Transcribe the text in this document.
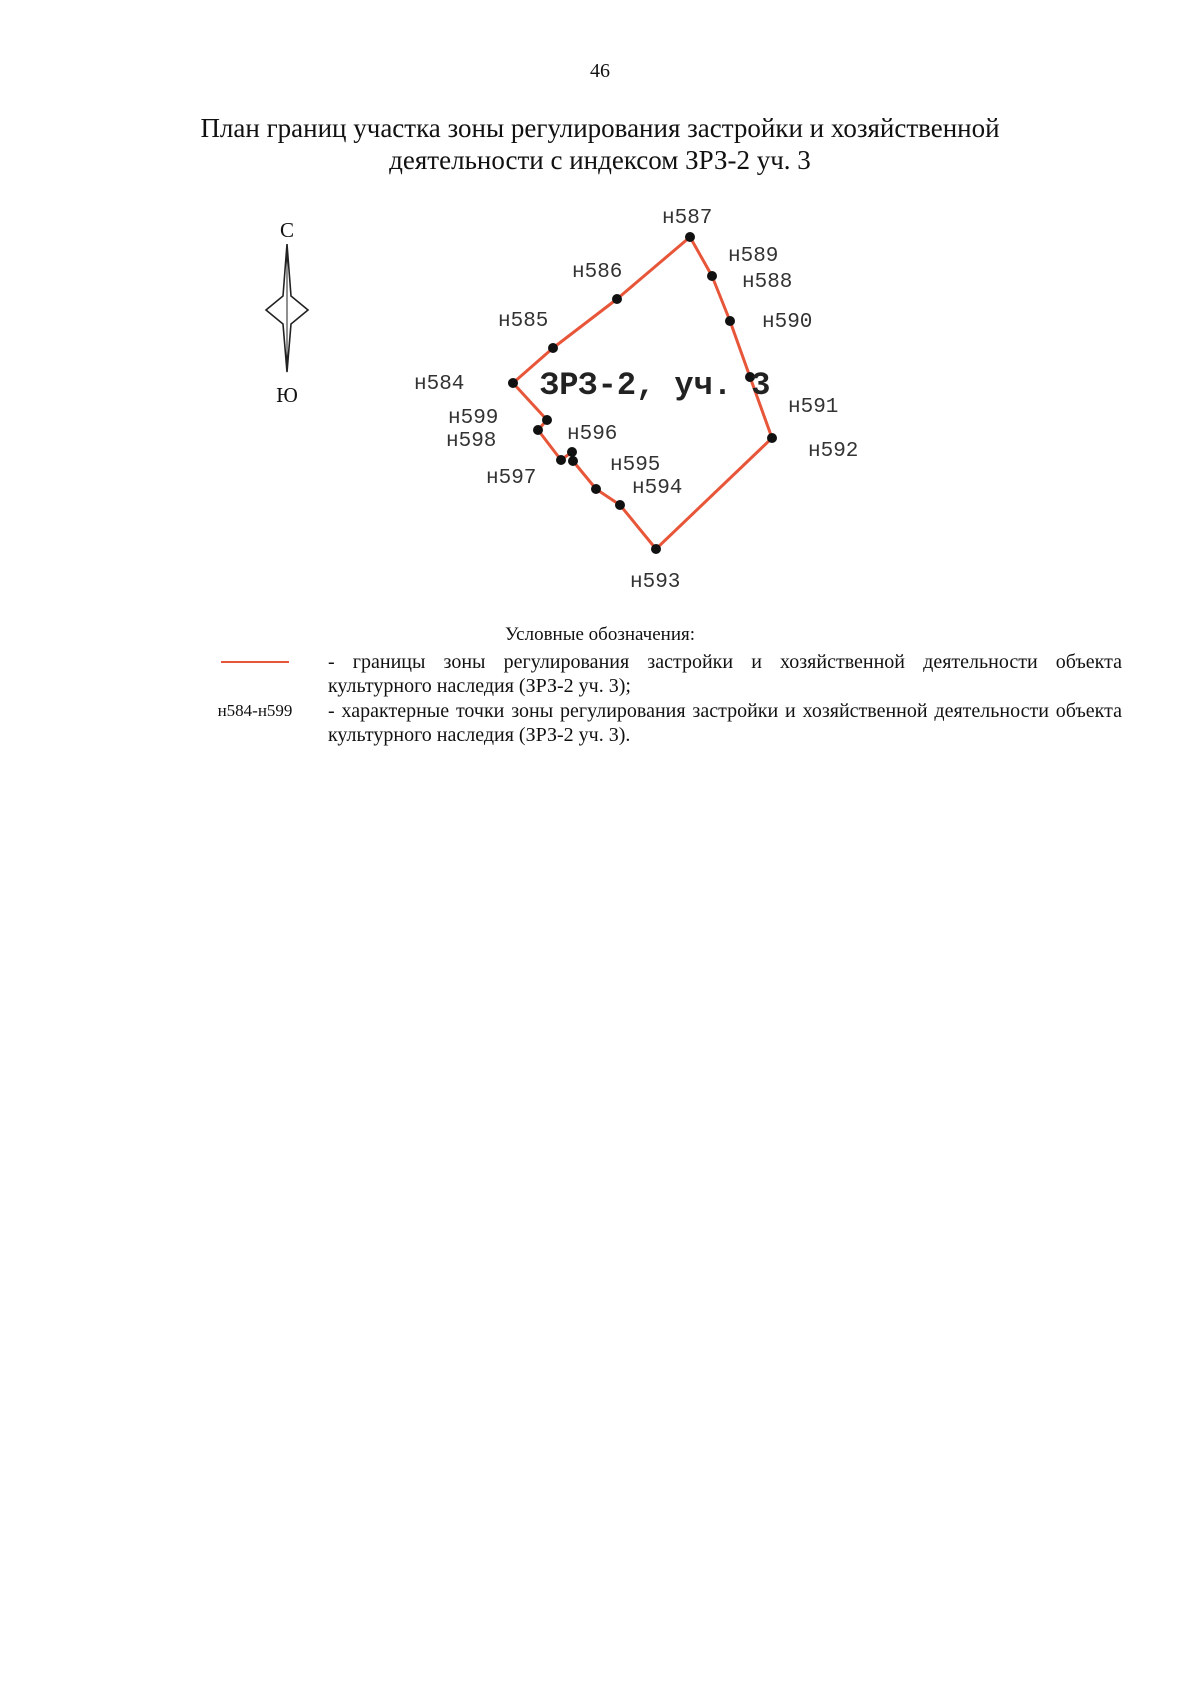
46
План границ участка зоны регулирования застройки и хозяйственной
деятельности с индексом ЗРЗ-2 уч. 3
С
Ю	ЗРЗ-2, уч. 3
н584
н585
н586
н587
н588
н589
н590
н591
н592
н593
н594
н595
н596
н597
н598
н599
Условные обозначения:
- границы зоны регулирования застройки и хозяйственной деятельности объекта культурного наследия (ЗРЗ-2 уч. 3);
н584-н599	- характерные точки зоны регулирования застройки и хозяйственной деятельности объекта культурного наследия (ЗРЗ-2 уч. 3).
